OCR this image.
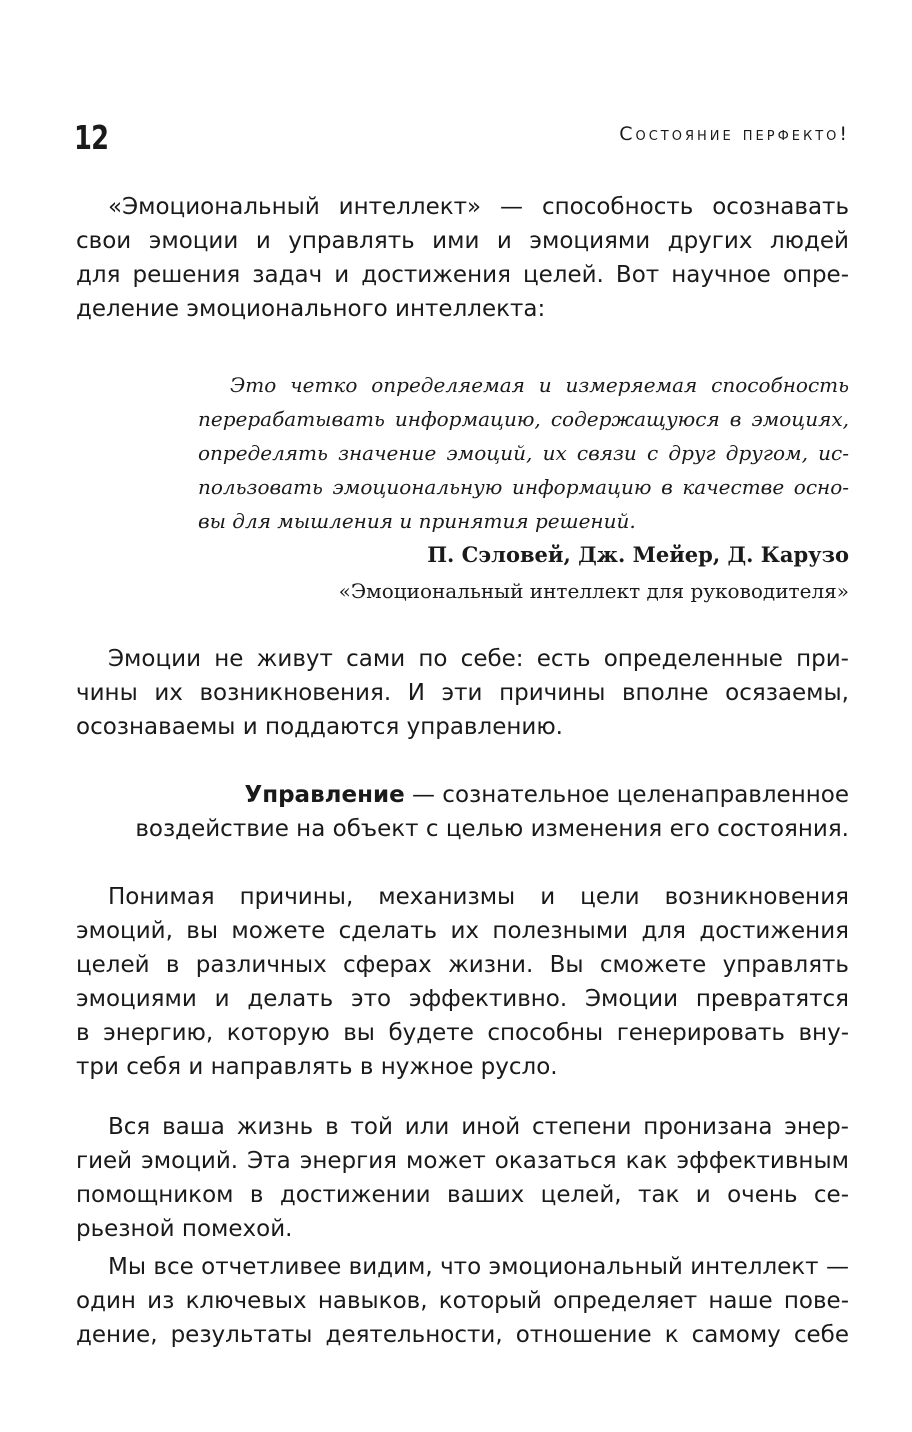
12	Состояние перфекто!
«Эмоциональный интеллект» — способность осознавать
свои эмоции и управлять ими и эмоциями других людей
для решения задач и достижения целей. Вот научное опре-
деление эмоционального интеллекта:
Это четко определяемая и измеряемая способность
перерабатывать информацию, содержащуюся в эмоциях,
определять значение эмоций, их связи с друг другом, ис-
пользовать эмоциональную информацию в качестве осно-
вы для мышления и принятия решений.
П. Сэловей, Дж. Мейер, Д. Карузо
«Эмоциональный интеллект для руководителя»
Эмоции не живут сами по себе: есть определенные при-
чины их возникновения. И эти причины вполне осязаемы,
осознаваемы и поддаются управлению.
Управление — сознательное целенаправленное
воздействие на объект с целью изменения его состояния.
Понимая причины, механизмы и цели возникновения
эмоций, вы можете сделать их полезными для достижения
целей в различных сферах жизни. Вы сможете управлять
эмоциями и делать это эффективно. Эмоции превратятся
в энергию, которую вы будете способны генерировать вну-
три себя и направлять в нужное русло.
Вся ваша жизнь в той или иной степени пронизана энер-
гией эмоций. Эта энергия может оказаться как эффективным
помощником в достижении ваших целей, так и очень се-
рьезной помехой.
Мы все отчетливее видим, что эмоциональный интеллект —
один из ключевых навыков, который определяет наше пове-
дение, результаты деятельности, отношение к самому себе
